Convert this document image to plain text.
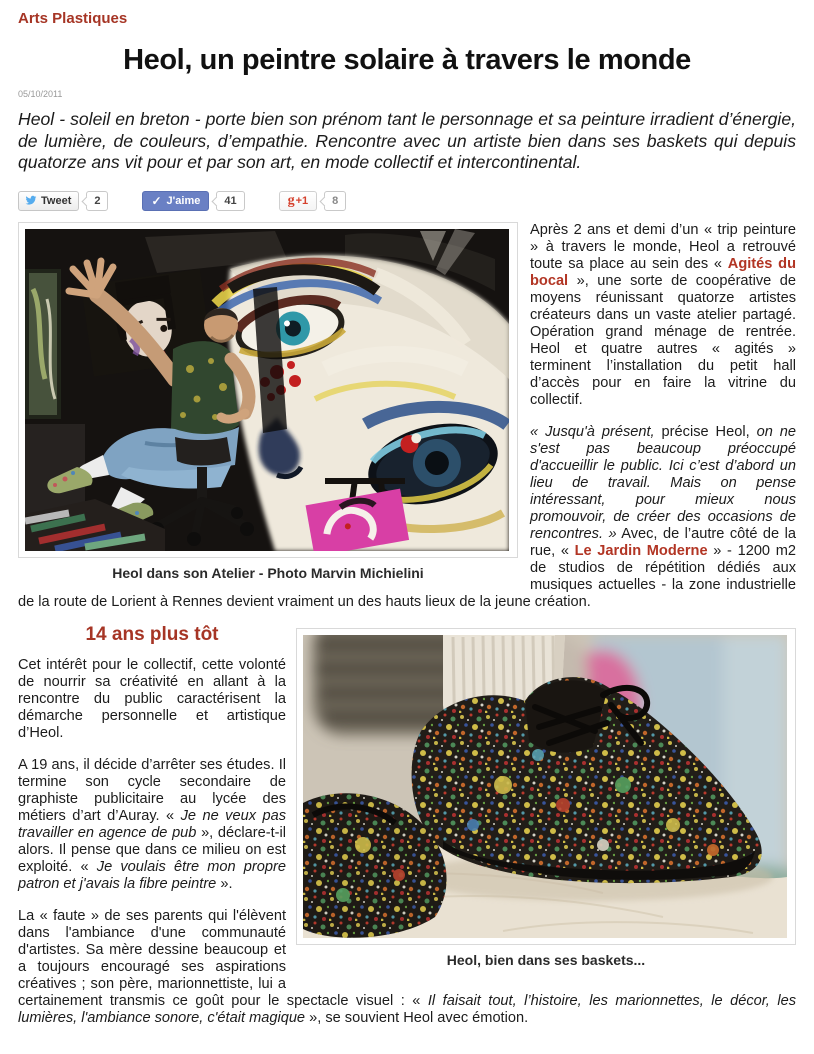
Arts Plastiques
Heol, un peintre solaire à travers le monde
05/10/2011

Heol - soleil en breton - porte bien son prénom tant le personnage et sa peinture irradient d’énergie, de lumière, de couleurs, d’empathie. Rencontre avec un artiste bien dans ses baskets qui depuis quatorze ans vit pour et par son art, en mode collectif et intercontinental.

Tweet	2	✓ J'aime	41	g +1	8
Heol dans son Atelier - Photo Marvin Michielini

Après 2 ans et demi d’un « trip peinture » à travers le monde, Heol a retrouvé toute sa place au sein des « Agités du bocal », une sorte de coopérative de moyens réunissant quatorze artistes créateurs dans un vaste atelier partagé. Opération grand ménage de rentrée. Heol et quatre autres « agités » terminent l’installation du petit hall d’accès pour en faire la vitrine du collectif.

« Jusqu'à présent, précise Heol, on ne s'est pas beaucoup préoccupé d'accueillir le public. Ici c’est d’abord un lieu de travail. Mais on pense intéressant, pour mieux nous promouvoir, de créer des occasions de rencontres. » Avec, de l’autre côté de la rue, « Le Jardin Moderne » - 1200 m2 de studios de répétition dédiés aux musiques actuelles - la zone industrielle de la route de Lorient à Rennes devient vraiment un des hauts lieux de la jeune création.

Heol, bien dans ses baskets...
14 ans plus tôt

Cet intérêt pour le collectif, cette volonté de nourrir sa créativité en allant à la rencontre du public caractérisent la démarche personnelle et artistique d’Heol.

A 19 ans, il décide d’arrêter ses études. Il termine son cycle secondaire de graphiste publicitaire au lycée des métiers d’art d’Auray. « Je ne veux pas travailler en agence de pub », déclare-t-il alors. Il pense que dans ce milieu on est exploité. « Je voulais être mon propre patron et j'avais la fibre peintre ».

La « faute » de ses parents qui l'élèvent dans l'ambiance d'une communauté d'artistes. Sa mère dessine beaucoup et a toujours encouragé ses aspirations créatives ; son père, marionnettiste, lui a certainement transmis ce goût pour le spectacle visuel : « Il faisait tout, l’histoire, les marionnettes, le décor, les lumières, l'ambiance sonore, c'était magique », se souvient Heol avec émotion.
